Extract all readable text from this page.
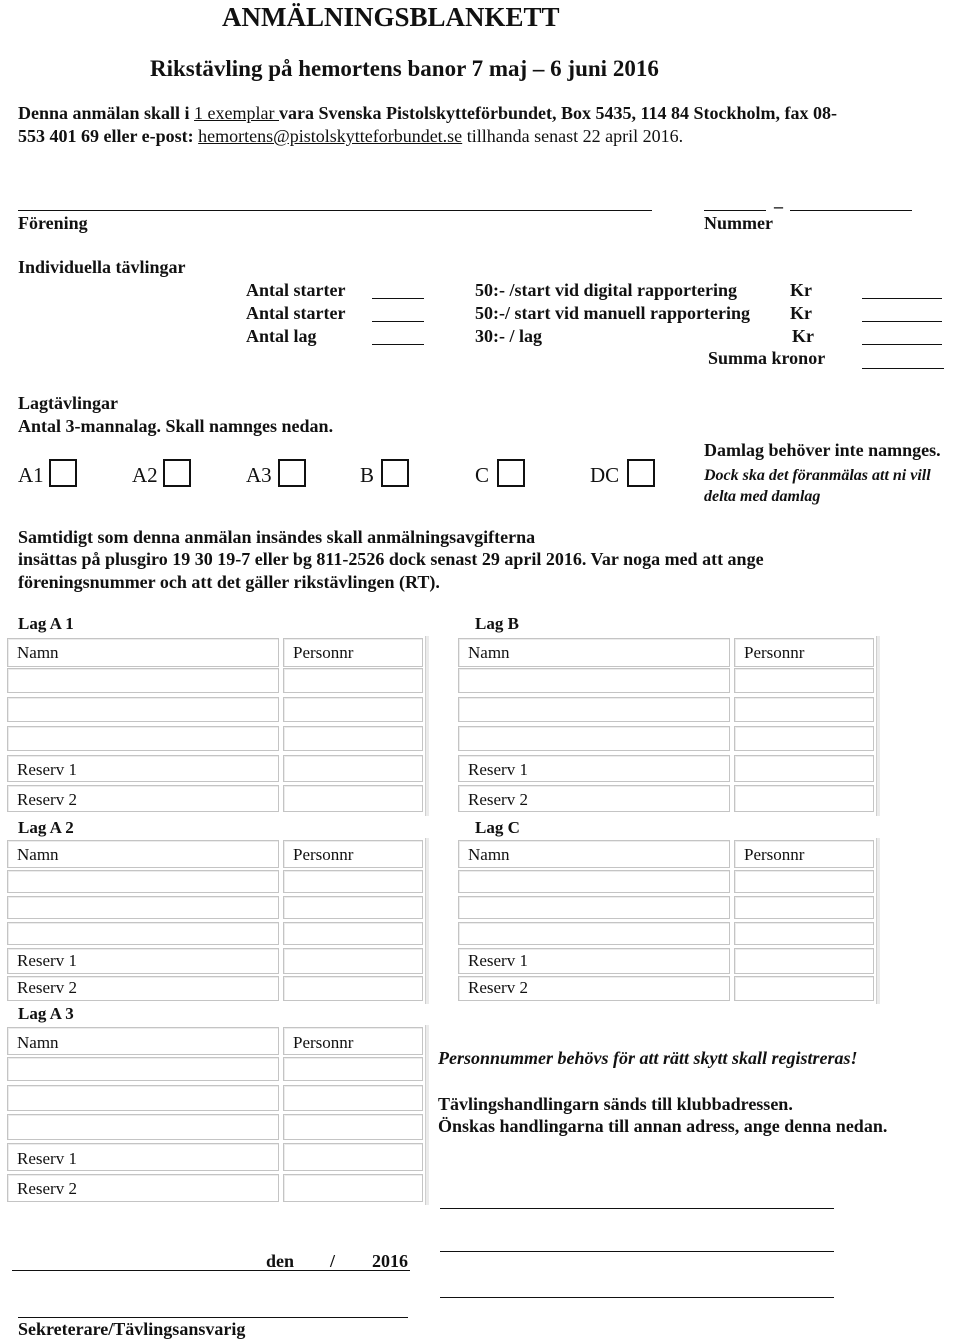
ANMÄLNINGSBLANKETT
Rikstävling på hemortens banor 7 maj – 6 juni 2016
Denna anmälan skall i 1 exemplar vara Svenska Pistolskytteförbundet, Box 5435, 114 84 Stockholm, fax 08-
553 401 69 eller e-post: hemortens@pistolskytteforbundet.se tillhanda senast 22 april 2016.
Förening
_
Nummer
Individuella tävlingar
Antal starter	50:- /start vid digital rapportering	Kr
Antal starter	50:-/ start vid manuell rapportering Kr
Antal lag	30:- / lag	Kr
Summa kronor
Lagtävlingar
Antal 3-mannalag. Skall namnges nedan.
A1	A2	A3	B	C	DC
Damlag behöver inte namnges.
Dock ska det föranmälas att ni vill
delta med damlag
Samtidigt som denna anmälan insändes skall anmälningsavgifterna
insättas på plusgiro 19 30 19-7 eller bg 811-2526 dock senast 29 april 2016. Var noga med att ange
föreningsnummer och att det gäller rikstävlingen (RT).
Lag A 1
Namn	Personnr
Reserv 1
Reserv 2
Lag B
Namn	Personnr
Reserv 1
Reserv 2
Lag A 2
Namn	Personnr
Reserv 1
Reserv 2
Lag C
Namn	Personnr
Reserv 1
Reserv 2
Lag A 3
Namn	Personnr
Reserv 1
Reserv 2
Personnummer behövs för att rätt skytt skall registreras!
Tävlingshandlingarn sänds till klubbadressen.
Önskas handlingarna till annan adress, ange denna nedan.
den / 2016
Sekreterare/Tävlingsansvarig
